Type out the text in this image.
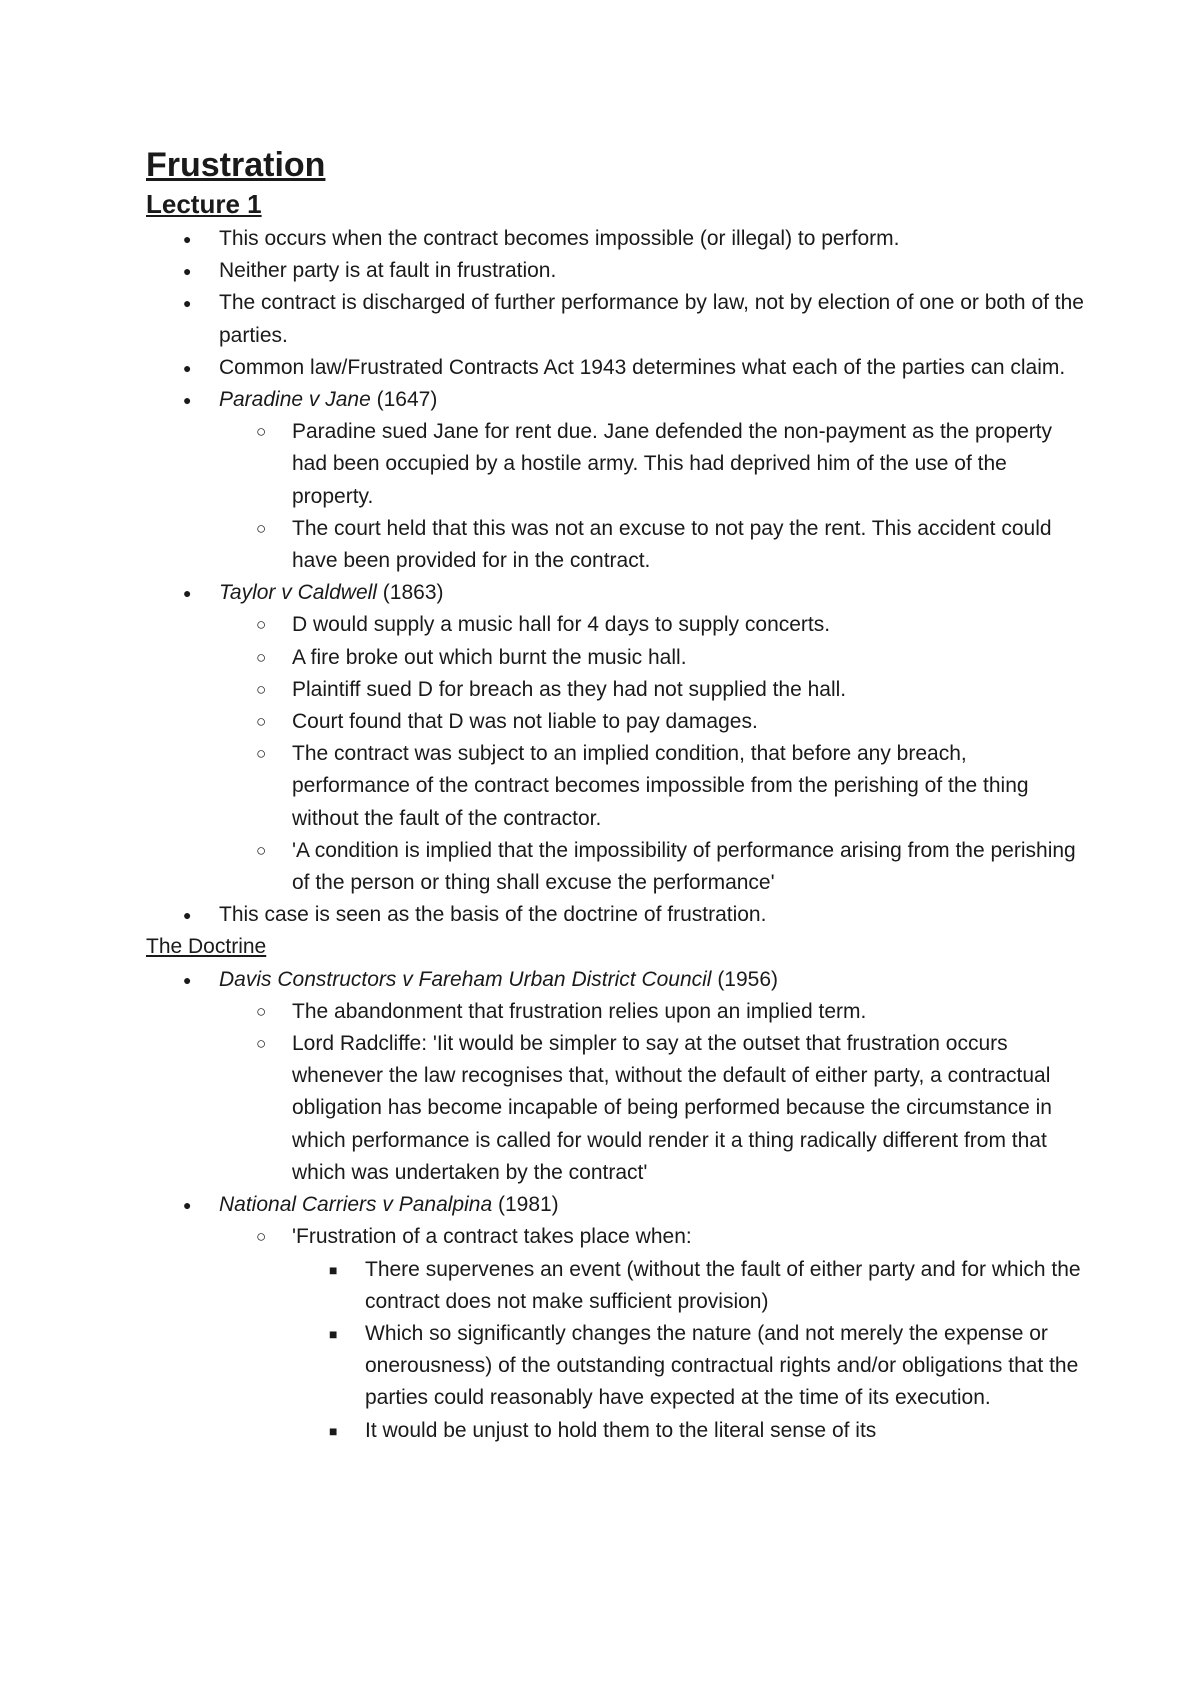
Frustration
Lecture 1
● This occurs when the contract becomes impossible (or illegal) to perform.
● Neither party is at fault in frustration.
● The contract is discharged of further performance by law, not by election of one or both of the parties.
● Common law/Frustrated Contracts Act 1943 determines what each of the parties can claim.
● Paradine v Jane (1647)
○ Paradine sued Jane for rent due. Jane defended the non-payment as the property had been occupied by a hostile army. This had deprived him of the use of the property.
○ The court held that this was not an excuse to not pay the rent. This accident could have been provided for in the contract.
● Taylor v Caldwell (1863)
○ D would supply a music hall for 4 days to supply concerts.
○ A fire broke out which burnt the music hall.
○ Plaintiff sued D for breach as they had not supplied the hall.
○ Court found that D was not liable to pay damages.
○ The contract was subject to an implied condition, that before any breach, performance of the contract becomes impossible from the perishing of the thing without the fault of the contractor.
○ 'A condition is implied that the impossibility of performance arising from the perishing of the person or thing shall excuse the performance'
● This case is seen as the basis of the doctrine of frustration.
The Doctrine
● Davis Constructors v Fareham Urban District Council (1956)
○ The abandonment that frustration relies upon an implied term.
○ Lord Radcliffe: 'Iit would be simpler to say at the outset that frustration occurs whenever the law recognises that, without the default of either party, a contractual obligation has become incapable of being performed because the circumstance in which performance is called for would render it a thing radically different from that which was undertaken by the contract'
● National Carriers v Panalpina (1981)
○ 'Frustration of a contract takes place when:
■ There supervenes an event (without the fault of either party and for which the contract does not make sufficient provision)
■ Which so significantly changes the nature (and not merely the expense or onerousness) of the outstanding contractual rights and/or obligations that the parties could reasonably have expected at the time of its execution.
■ It would be unjust to hold them to the literal sense of its
